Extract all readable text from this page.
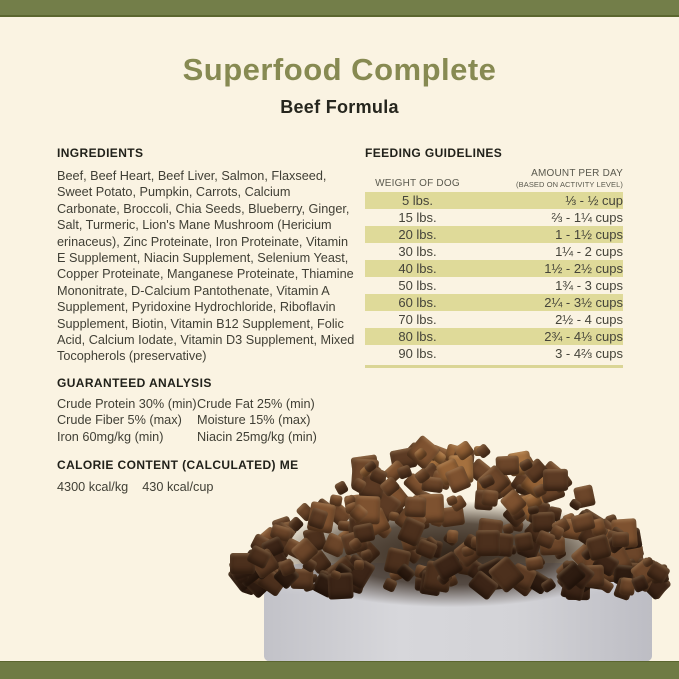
Superfood Complete
Beef Formula
INGREDIENTS

Beef, Beef Heart, Beef Liver, Salmon, Flaxseed, Sweet Potato, Pumpkin, Carrots, Calcium Carbonate, Broccoli, Chia Seeds, Blueberry, Ginger, Salt, Turmeric, Lion's Mane Mushroom (Hericium erinaceus), Zinc Proteinate, Iron Proteinate, Vitamin E Supplement, Niacin Supplement, Selenium Yeast, Copper Proteinate, Manganese Proteinate, Thiamine Mononitrate, D-Calcium Pantothenate, Vitamin A Supplement, Pyridoxine Hydrochloride, Riboflavin Supplement, Biotin, Vitamin B12 Supplement, Folic Acid, Calcium Iodate, Vitamin D3 Supplement, Mixed Tocopherols (preservative)

GUARANTEED ANALYSIS
Crude Protein 30% (min) Crude Fat 25% (min)
Crude Fiber 5% (max)	Moisture 15% (max)
Iron 60mg/kg (min)	Niacin 25mg/kg (min)
CALORIE CONTENT (CALCULATED) ME
4300 kcal/kg 430 kcal/cup
FEEDING GUIDELINES
WEIGHT OF DOG	AMOUNT PER DAY
(BASED ON ACTIVITY LEVEL)

5 lbs.	⅓ - ½ cup
15 lbs.	⅔ - 1¼ cups
20 lbs.	1 - 1½ cups
30 lbs.	1¼ - 2 cups
40 lbs.	1½ - 2½ cups
50 lbs.	1¾ - 3 cups
60 lbs.	2¼ - 3½ cups
70 lbs.	2½ - 4 cups
80 lbs.	2¾ - 4⅓ cups
90 lbs.	3 - 4⅔ cups
